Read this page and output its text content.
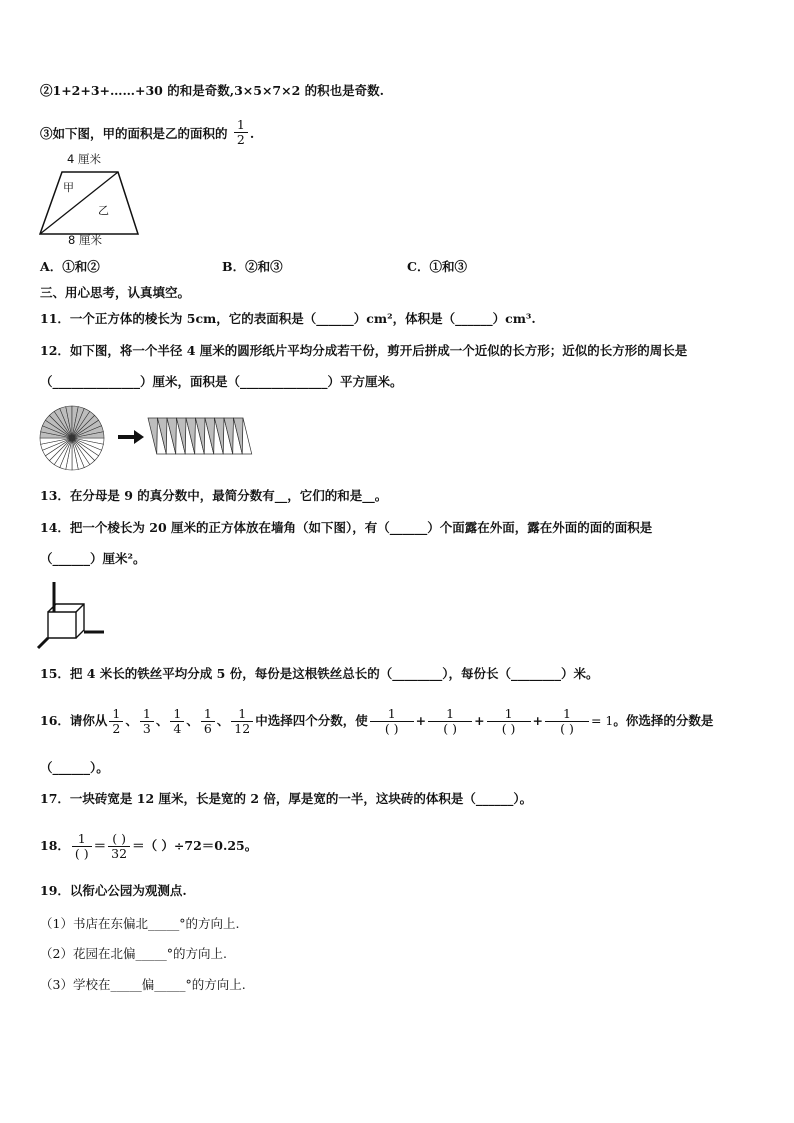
②1+2+3+……+30 的和是奇数,3×5×7×2 的积也是奇数.
③如下图，甲的面积是乙的面积的 $\frac{1}{2}$ .
4 厘米
甲
乙
8 厘米
A．①和②	B．②和③	C．①和③
三、用心思考，认真填空。
11．一个正方体的棱长为 5cm，它的表面积是（______）cm²，体积是（______）cm³.
12．如下图，将一个半径 4 厘米的圆形纸片平均分成若干份，剪开后拼成一个近似的长方形；近似的长方形的周长是
（______________）厘米，面积是（______________）平方厘米。
13．在分母是 9 的真分数中，最简分数有__，它们的和是__。
14．把一个棱长为 20 厘米的正方体放在墙角（如下图），有（______）个面露在外面，露在外面的面的面积是
（______）厘米²。
15．把 4 米长的铁丝平均分成 5 份，每份是这根铁丝总长的（________），每份长（________）米。
16．请你从 $\frac{1}{2}$ 、 $\frac{1}{3}$ 、 $\frac{1}{4}$ 、 $\frac{1}{6}$ 、 $\frac{1}{12}$ 中选择四个分数，使 $\frac{1}{( )} + \frac{1}{( )} + \frac{1}{( )} + \frac{1}{( )} = 1$。你选择的分数是
（______）。
17．一块砖宽是 12 厘米，长是宽的 2 倍，厚是宽的一半，这块砖的体积是（______）。
18． $\frac{1}{( )} = \frac{( )}{32}$ ＝（ ）÷72＝0.25。
19．以衔心公园为观测点.
（1）书店在东偏北_____°的方向上.
（2）花园在北偏_____°的方向上.
（3）学校在_____偏_____°的方向上.
